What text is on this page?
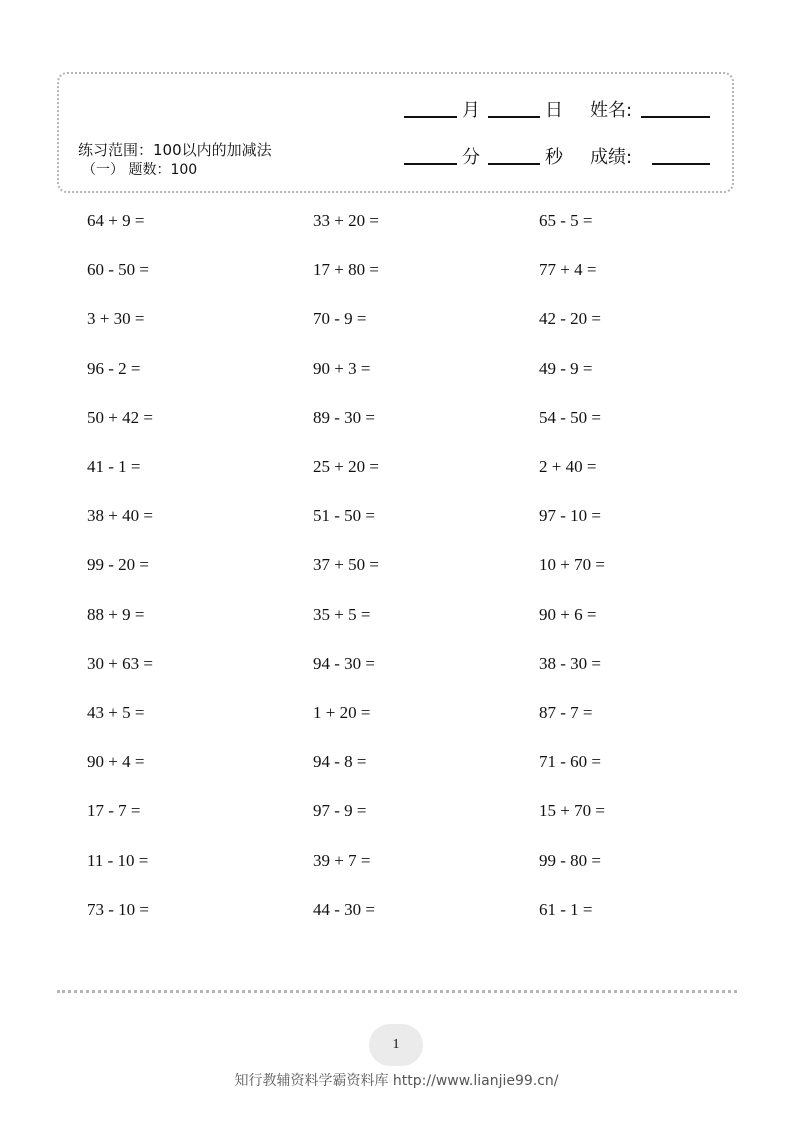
练习范围：100以内的加减法
（一） 题数：100
月	日 姓名:
分	秒 成绩:
64 + 9 =	33 + 20 =	65 - 5 =
60 - 50 =	17 + 80 =	77 + 4 =
3 + 30 =	70 - 9 =	42 - 20 =
96 - 2 =	90 + 3 =	49 - 9 =
50 + 42 =	89 - 30 =	54 - 50 =
41 - 1 =	25 + 20 =	2 + 40 =
38 + 40 =	51 - 50 =	97 - 10 =
99 - 20 =	37 + 50 =	10 + 70 =
88 + 9 =	35 + 5 =	90 + 6 =
30 + 63 =	94 - 30 =	38 - 30 =
43 + 5 =	1 + 20 =	87 - 7 =
90 + 4 =	94 - 8 =	71 - 60 =
17 - 7 =	97 - 9 =	15 + 70 =
11 - 10 =	39 + 7 =	99 - 80 =
73 - 10 =	44 - 30 =	61 - 1 =
1
知行教辅资料学霸资料库 http://www.lianjie99.cn/
